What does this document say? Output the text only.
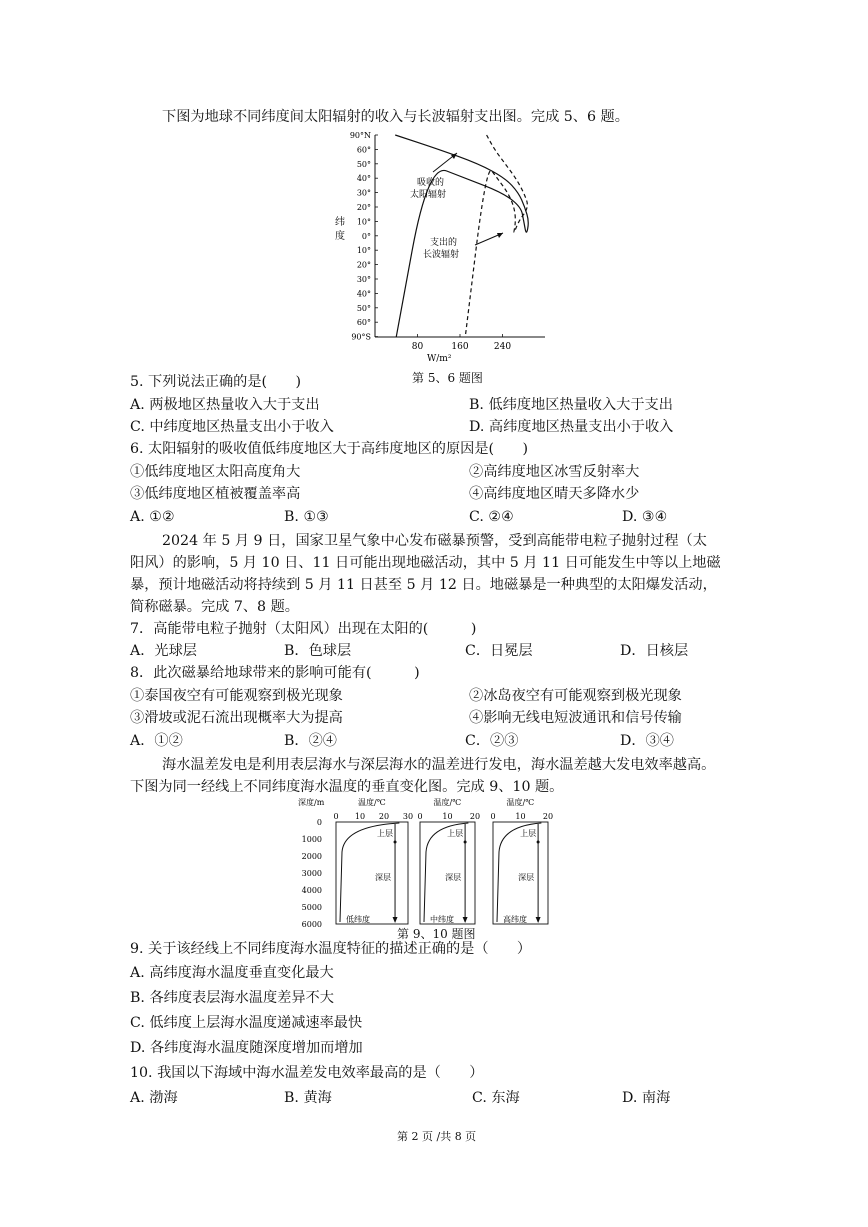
下图为地球不同纬度间太阳辐射的收入与长波辐射支出图。完成 5、6 题。
90°N
60°
50°
40°
30°
20°
10°
0°
10°
20°
30°
40°
50°
60°
90°S
纬
度
80	160	240
W/m²
吸收的
太阳辐射
支出的
长波辐射
第 5、6 题图
5. 下列说法正确的是(　　)
A. 两极地区热量收入大于支出	B. 低纬度地区热量收入大于支出
C. 中纬度地区热量支出小于收入	D. 高纬度地区热量支出小于收入
6. 太阳辐射的吸收值低纬度地区大于高纬度地区的原因是(　　)
①低纬度地区太阳高度角大	②高纬度地区冰雪反射率大
③低纬度地区植被覆盖率高	④高纬度地区晴天多降水少
A. ①②	B. ①③	C. ②④	D. ③④
2024 年 5 月 9 日，国家卫星气象中心发布磁暴预警，受到高能带电粒子抛射过程（太
阳风）的影响，5 月 10 日、11 日可能出现地磁活动，其中 5 月 11 日可能发生中等以上地磁
暴，预计地磁活动将持续到 5 月 11 日甚至 5 月 12 日。地磁暴是一种典型的太阳爆发活动，
简称磁暴。完成 7、8 题。
7．高能带电粒子抛射（太阳风）出现在太阳的(　　　)
A．光球层	B．色球层	C．日冕层	D．日核层
8．此次磁暴给地球带来的影响可能有(　　　)
①泰国夜空有可能观察到极光现象	②冰岛夜空有可能观察到极光现象
③滑坡或泥石流出现概率大为提高	④影响无线电短波通讯和信号传输
A．①②	B．②④	C．②③	D．③④
海水温差发电是利用表层海水与深层海水的温差进行发电，海水温差越大发电效率越高。
下图为同一经线上不同纬度海水温度的垂直变化图。完成 9、10 题。
深度/m
0
1000
2000
3000
4000
5000
6000
温度/℃
0 10 20 30
上层
深层
低纬度
温度/℃
0 10 20
上层
深层
中纬度
温度/℃
0 10 20
上层
深层
高纬度
第 9、10 题图
9. 关于该经线上不同纬度海水温度特征的描述正确的是（　　）
A. 高纬度海水温度垂直变化最大
B. 各纬度表层海水温度差异不大
C. 低纬度上层海水温度递减速率最快
D. 各纬度海水温度随深度增加而增加
10. 我国以下海域中海水温差发电效率最高的是（　　）
A. 渤海	B. 黄海	C. 东海	D. 南海
第 2 页 /共 8 页
